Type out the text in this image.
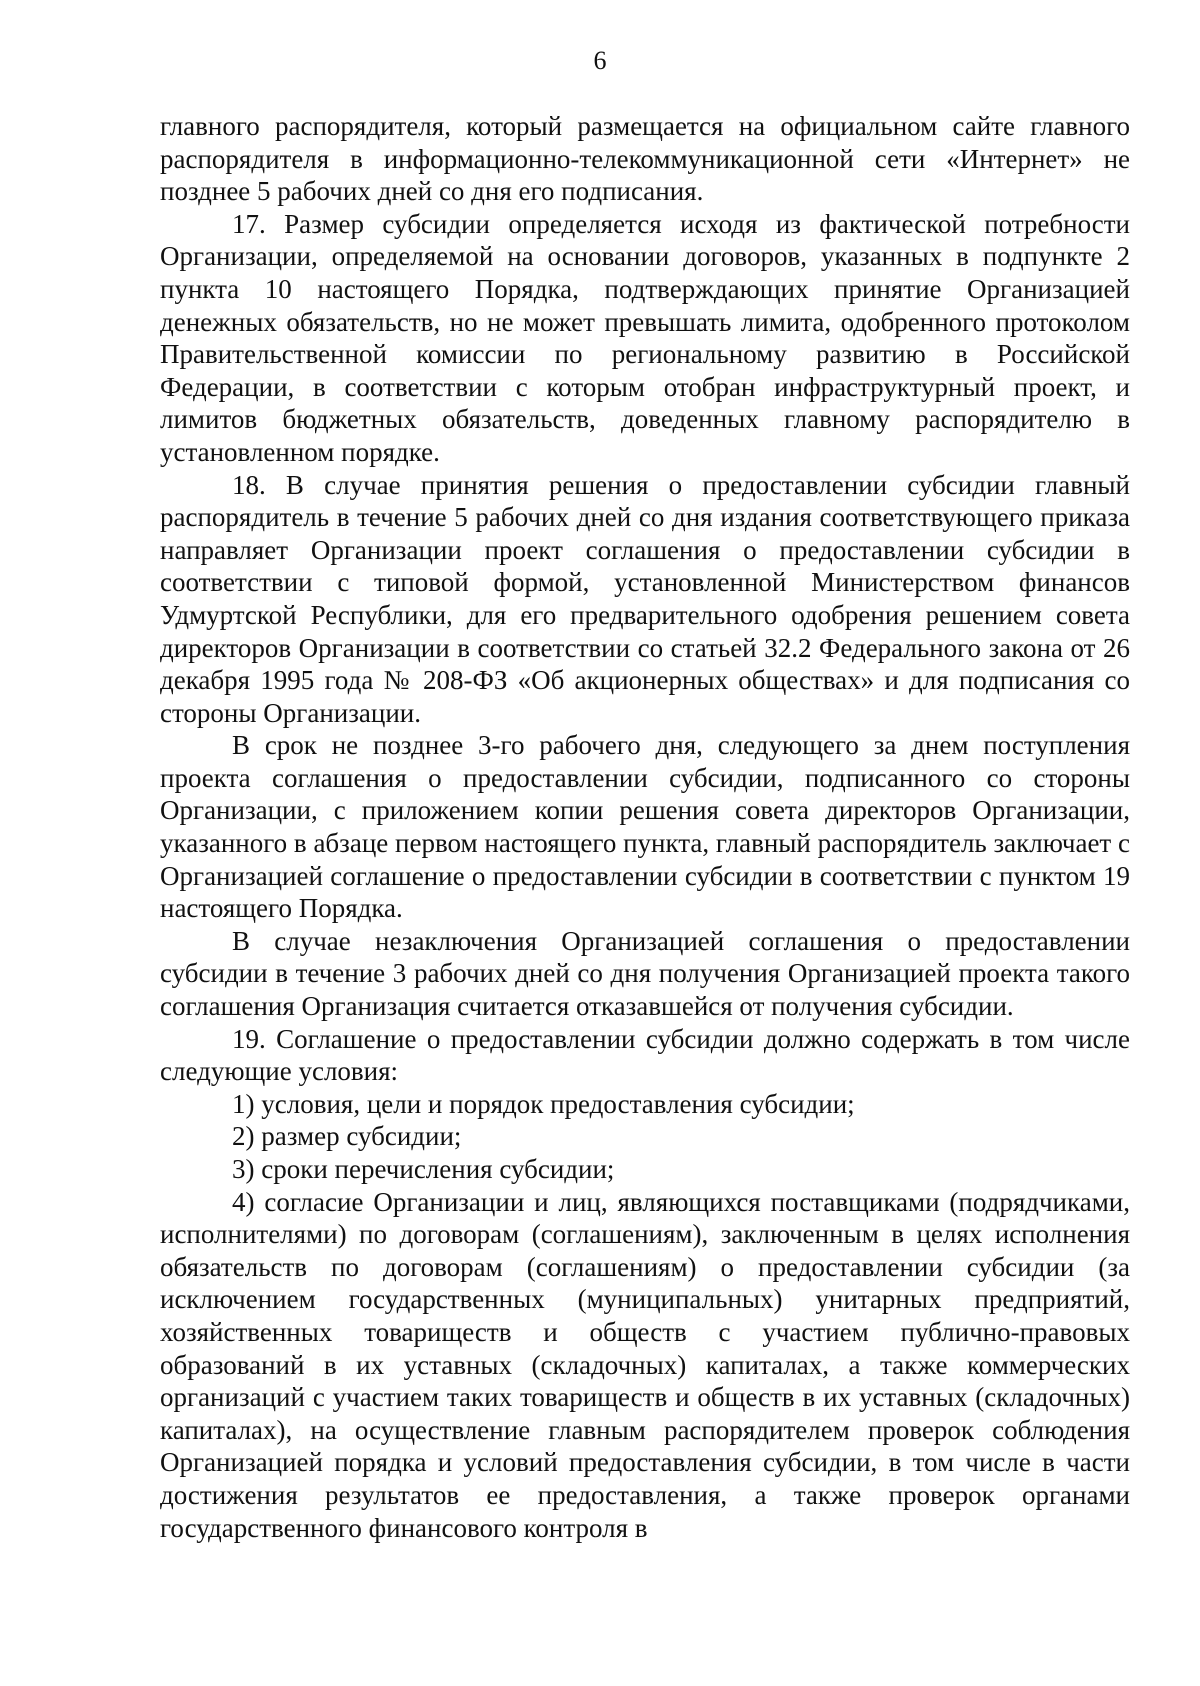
6

главного распорядителя, который размещается на официальном сайте главного распорядителя в информационно-телекоммуникационной сети «Интернет» не позднее 5 рабочих дней со дня его подписания.

17. Размер субсидии определяется исходя из фактической потребности Организации, определяемой на основании договоров, указанных в подпункте 2 пункта 10 настоящего Порядка, подтверждающих принятие Организацией денежных обязательств, но не может превышать лимита, одобренного протоколом Правительственной комиссии по региональному развитию в Российской Федерации, в соответствии с которым отобран инфраструктурный проект, и лимитов бюджетных обязательств, доведенных главному распорядителю в установленном порядке.

18. В случае принятия решения о предоставлении субсидии главный распорядитель в течение 5 рабочих дней со дня издания соответствующего приказа направляет Организации проект соглашения о предоставлении субсидии в соответствии с типовой формой, установленной Министерством финансов Удмуртской Республики, для его предварительного одобрения решением совета директоров Организации в соответствии со статьей 32.2 Федерального закона от 26 декабря 1995 года № 208-ФЗ «Об акционерных обществах» и для подписания со стороны Организации.

В срок не позднее 3-го рабочего дня, следующего за днем поступления проекта соглашения о предоставлении субсидии, подписанного со стороны Организации, с приложением копии решения совета директоров Организации, указанного в абзаце первом настоящего пункта, главный распорядитель заключает с Организацией соглашение о предоставлении субсидии в соответствии с пунктом 19 настоящего Порядка.

В случае незаключения Организацией соглашения о предоставлении субсидии в течение 3 рабочих дней со дня получения Организацией проекта такого соглашения Организация считается отказавшейся от получения субсидии.

19. Соглашение о предоставлении субсидии должно содержать в том числе следующие условия:

1) условия, цели и порядок предоставления субсидии;

2) размер субсидии;

3) сроки перечисления субсидии;

4) согласие Организации и лиц, являющихся поставщиками (подрядчиками, исполнителями) по договорам (соглашениям), заключенным в целях исполнения обязательств по договорам (соглашениям) о предоставлении субсидии (за исключением государственных (муниципальных) унитарных предприятий, хозяйственных товариществ и обществ с участием публично-правовых образований в их уставных (складочных) капиталах, а также коммерческих организаций с участием таких товариществ и обществ в их уставных (складочных) капиталах), на осуществление главным распорядителем проверок соблюдения Организацией порядка и условий предоставления субсидии, в том числе в части достижения результатов ее предоставления, а также проверок органами государственного финансового контроля в
